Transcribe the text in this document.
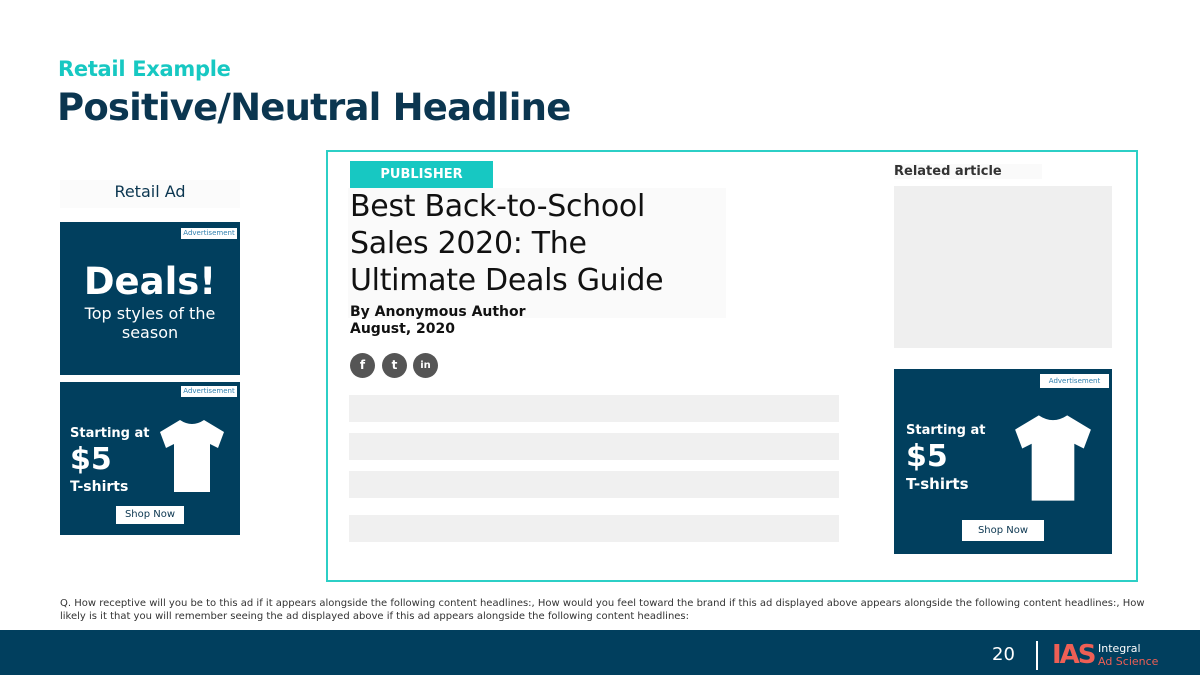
Retail Example
Positive/Neutral Headline
Retail Ad
Advertisement
Deals!
Top styles of the season
Advertisement
Starting at
$5
T-shirts
Shop Now
PUBLISHER
Best Back-to-School Sales 2020: The Ultimate Deals Guide
By Anonymous Author
August, 2020
f	t	in
Related article
Advertisement
Starting at
$5
T-shirts
Shop Now
Q. How receptive will you be to this ad if it appears alongside the following content headlines:, How would you feel toward the brand if this ad displayed above appears alongside the following content headlines:, How likely is it that you will remember seeing the ad displayed above if this ad appears alongside the following content headlines:
20 IAS Integral
Ad Science
